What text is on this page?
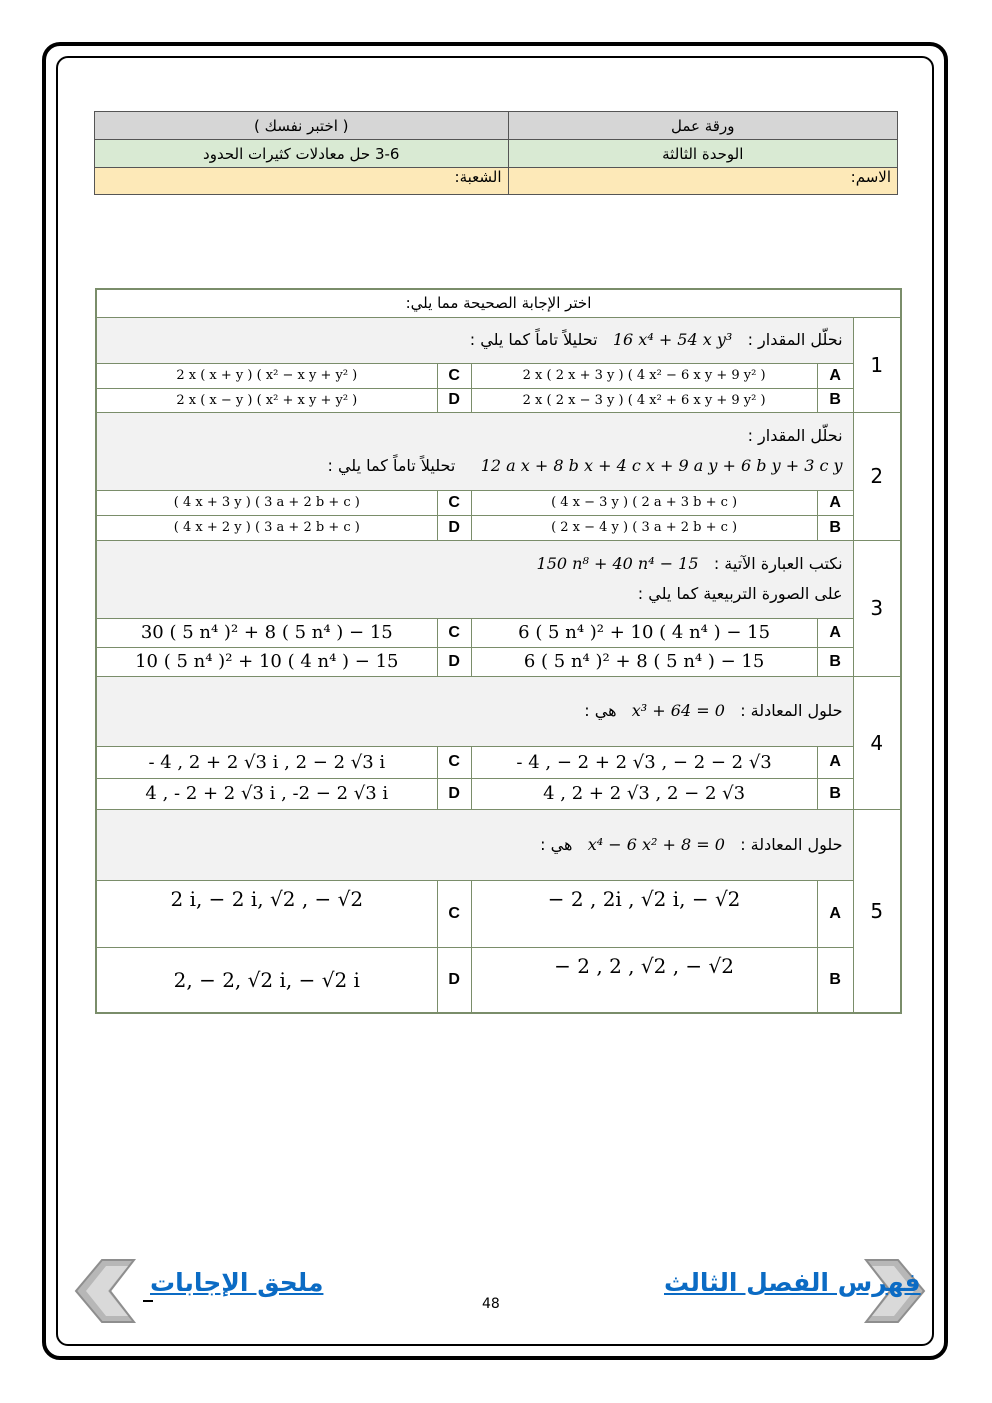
ورقة عمل	( اختبر نفسك )
الوحدة الثالثة	3-6 حل معادلات كثيرات الحدود
الاسم:	الشعبة:
اختر الإجابة الصحيحة مما يلي:				
1	نحلّل المقدار :   16 x⁴ + 54 x y³   تحليلاً تاماً كما يلي :			
	A	2 x ( 2 x + 3 y ) ( 4 x² − 6 x y + 9 y² )	C	2 x ( x + y ) ( x² − x y + y² )
	B	2 x ( 2 x − 3 y ) ( 4 x² + 6 x y + 9 y² )	D	2 x ( x − y ) ( x² + x y + y² )
2	نحلّل المقدار :
12 a x + 8 b x + 4 c x + 9 a y + 6 b y + 3 c y     تحليلاً تاماً كما يلي :			

	A	( 4 x − 3 y ) ( 2 a + 3 b + c )	C	( 4 x + 3 y ) ( 3 a + 2 b + c )
	B	( 2 x − 4 y ) ( 3 a + 2 b + c )	D	( 4 x + 2 y ) ( 3 a + 2 b + c )
3	نكتب العبارة الآتية :   150 n⁸ + 40 n⁴ − 15
على الصورة التربيعية كما يلي :			

	A	6 ( 5 n⁴ )² + 10 ( 4 n⁴ ) − 15	C	30 ( 5 n⁴ )² + 8 ( 5 n⁴ ) − 15
	B	6 ( 5 n⁴ )² + 8 ( 5 n⁴ ) − 15	D	10 ( 5 n⁴ )² + 10 ( 4 n⁴ ) − 15
4	حلول المعادلة :   x³ + 64 = 0   هي :			
	A	- 4 , − 2 + 2 √3 , − 2 − 2 √3	C	- 4 , 2 + 2 √3 i , 2 − 2 √3 i
	B	4 , 2 + 2 √3 , 2 − 2 √3	D	4 , - 2 + 2 √3 i , -2 − 2 √3 i
5	حلول المعادلة :   x⁴ − 6 x² + 8 = 0   هي :			
	A	− 2 , 2i , √2 i, − √2	C	2 i, − 2 i, √2 , − √2
	B	− 2 , 2 , √2 , − √2	D	2, − 2, √2 i, − √2 i
ملحق الإجابات	فهرس الفصل الثالث
48
